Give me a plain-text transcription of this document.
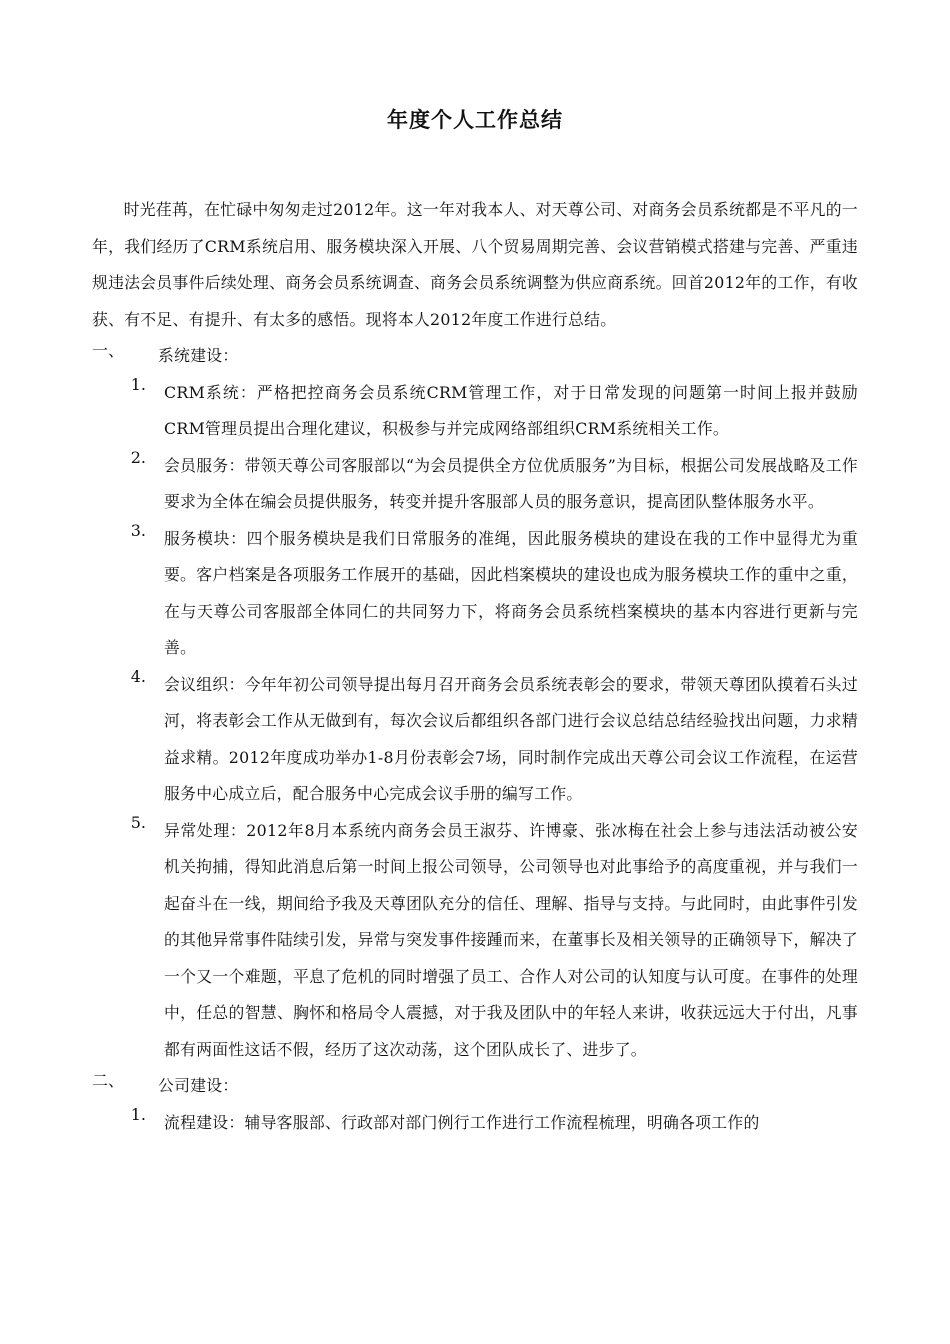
年度个人工作总结

时光荏苒，在忙碌中匆匆走过2012年。这一年对我本人、对天尊公司、对商务会员系统都是不平凡的一年，我们经历了CRM系统启用、服务模块深入开展、八个贸易周期完善、会议营销模式搭建与完善、严重违规违法会员事件后续处理、商务会员系统调查、商务会员系统调整为供应商系统。回首2012年的工作，有收获、有不足、有提升、有太多的感悟。现将本人2012年度工作进行总结。

一、	系统建设：

1.	CRM系统：严格把控商务会员系统CRM管理工作，对于日常发现的问题第一时间上报并鼓励CRM管理员提出合理化建议，积极参与并完成网络部组织CRM系统相关工作。

2.	会员服务：带领天尊公司客服部以“为会员提供全方位优质服务”为目标，根据公司发展战略及工作要求为全体在编会员提供服务，转变并提升客服部人员的服务意识，提高团队整体服务水平。

3.	服务模块：四个服务模块是我们日常服务的准绳，因此服务模块的建设在我的工作中显得尤为重要。客户档案是各项服务工作展开的基础，因此档案模块的建设也成为服务模块工作的重中之重，在与天尊公司客服部全体同仁的共同努力下，将商务会员系统档案模块的基本内容进行更新与完善。

4.	会议组织：今年年初公司领导提出每月召开商务会员系统表彰会的要求，带领天尊团队摸着石头过河，将表彰会工作从无做到有，每次会议后都组织各部门进行会议总结总结经验找出问题，力求精益求精。2012年度成功举办1-8月份表彰会7场，同时制作完成出天尊公司会议工作流程，在运营服务中心成立后，配合服务中心完成会议手册的编写工作。

5.	异常处理：2012年8月本系统内商务会员王淑芬、许博豪、张冰梅在社会上参与违法活动被公安机关拘捕，得知此消息后第一时间上报公司领导，公司领导也对此事给予的高度重视，并与我们一起奋斗在一线，期间给予我及天尊团队充分的信任、理解、指导与支持。与此同时，由此事件引发的其他异常事件陆续引发，异常与突发事件接踵而来，在董事长及相关领导的正确领导下，解决了一个又一个难题，平息了危机的同时增强了员工、合作人对公司的认知度与认可度。在事件的处理中，任总的智慧、胸怀和格局令人震撼，对于我及团队中的年轻人来讲，收获远远大于付出，凡事都有两面性这话不假，经历了这次动荡，这个团队成长了、进步了。

二、	公司建设：

1.	流程建设：辅导客服部、行政部对部门例行工作进行工作流程梳理，明确各项工作的
